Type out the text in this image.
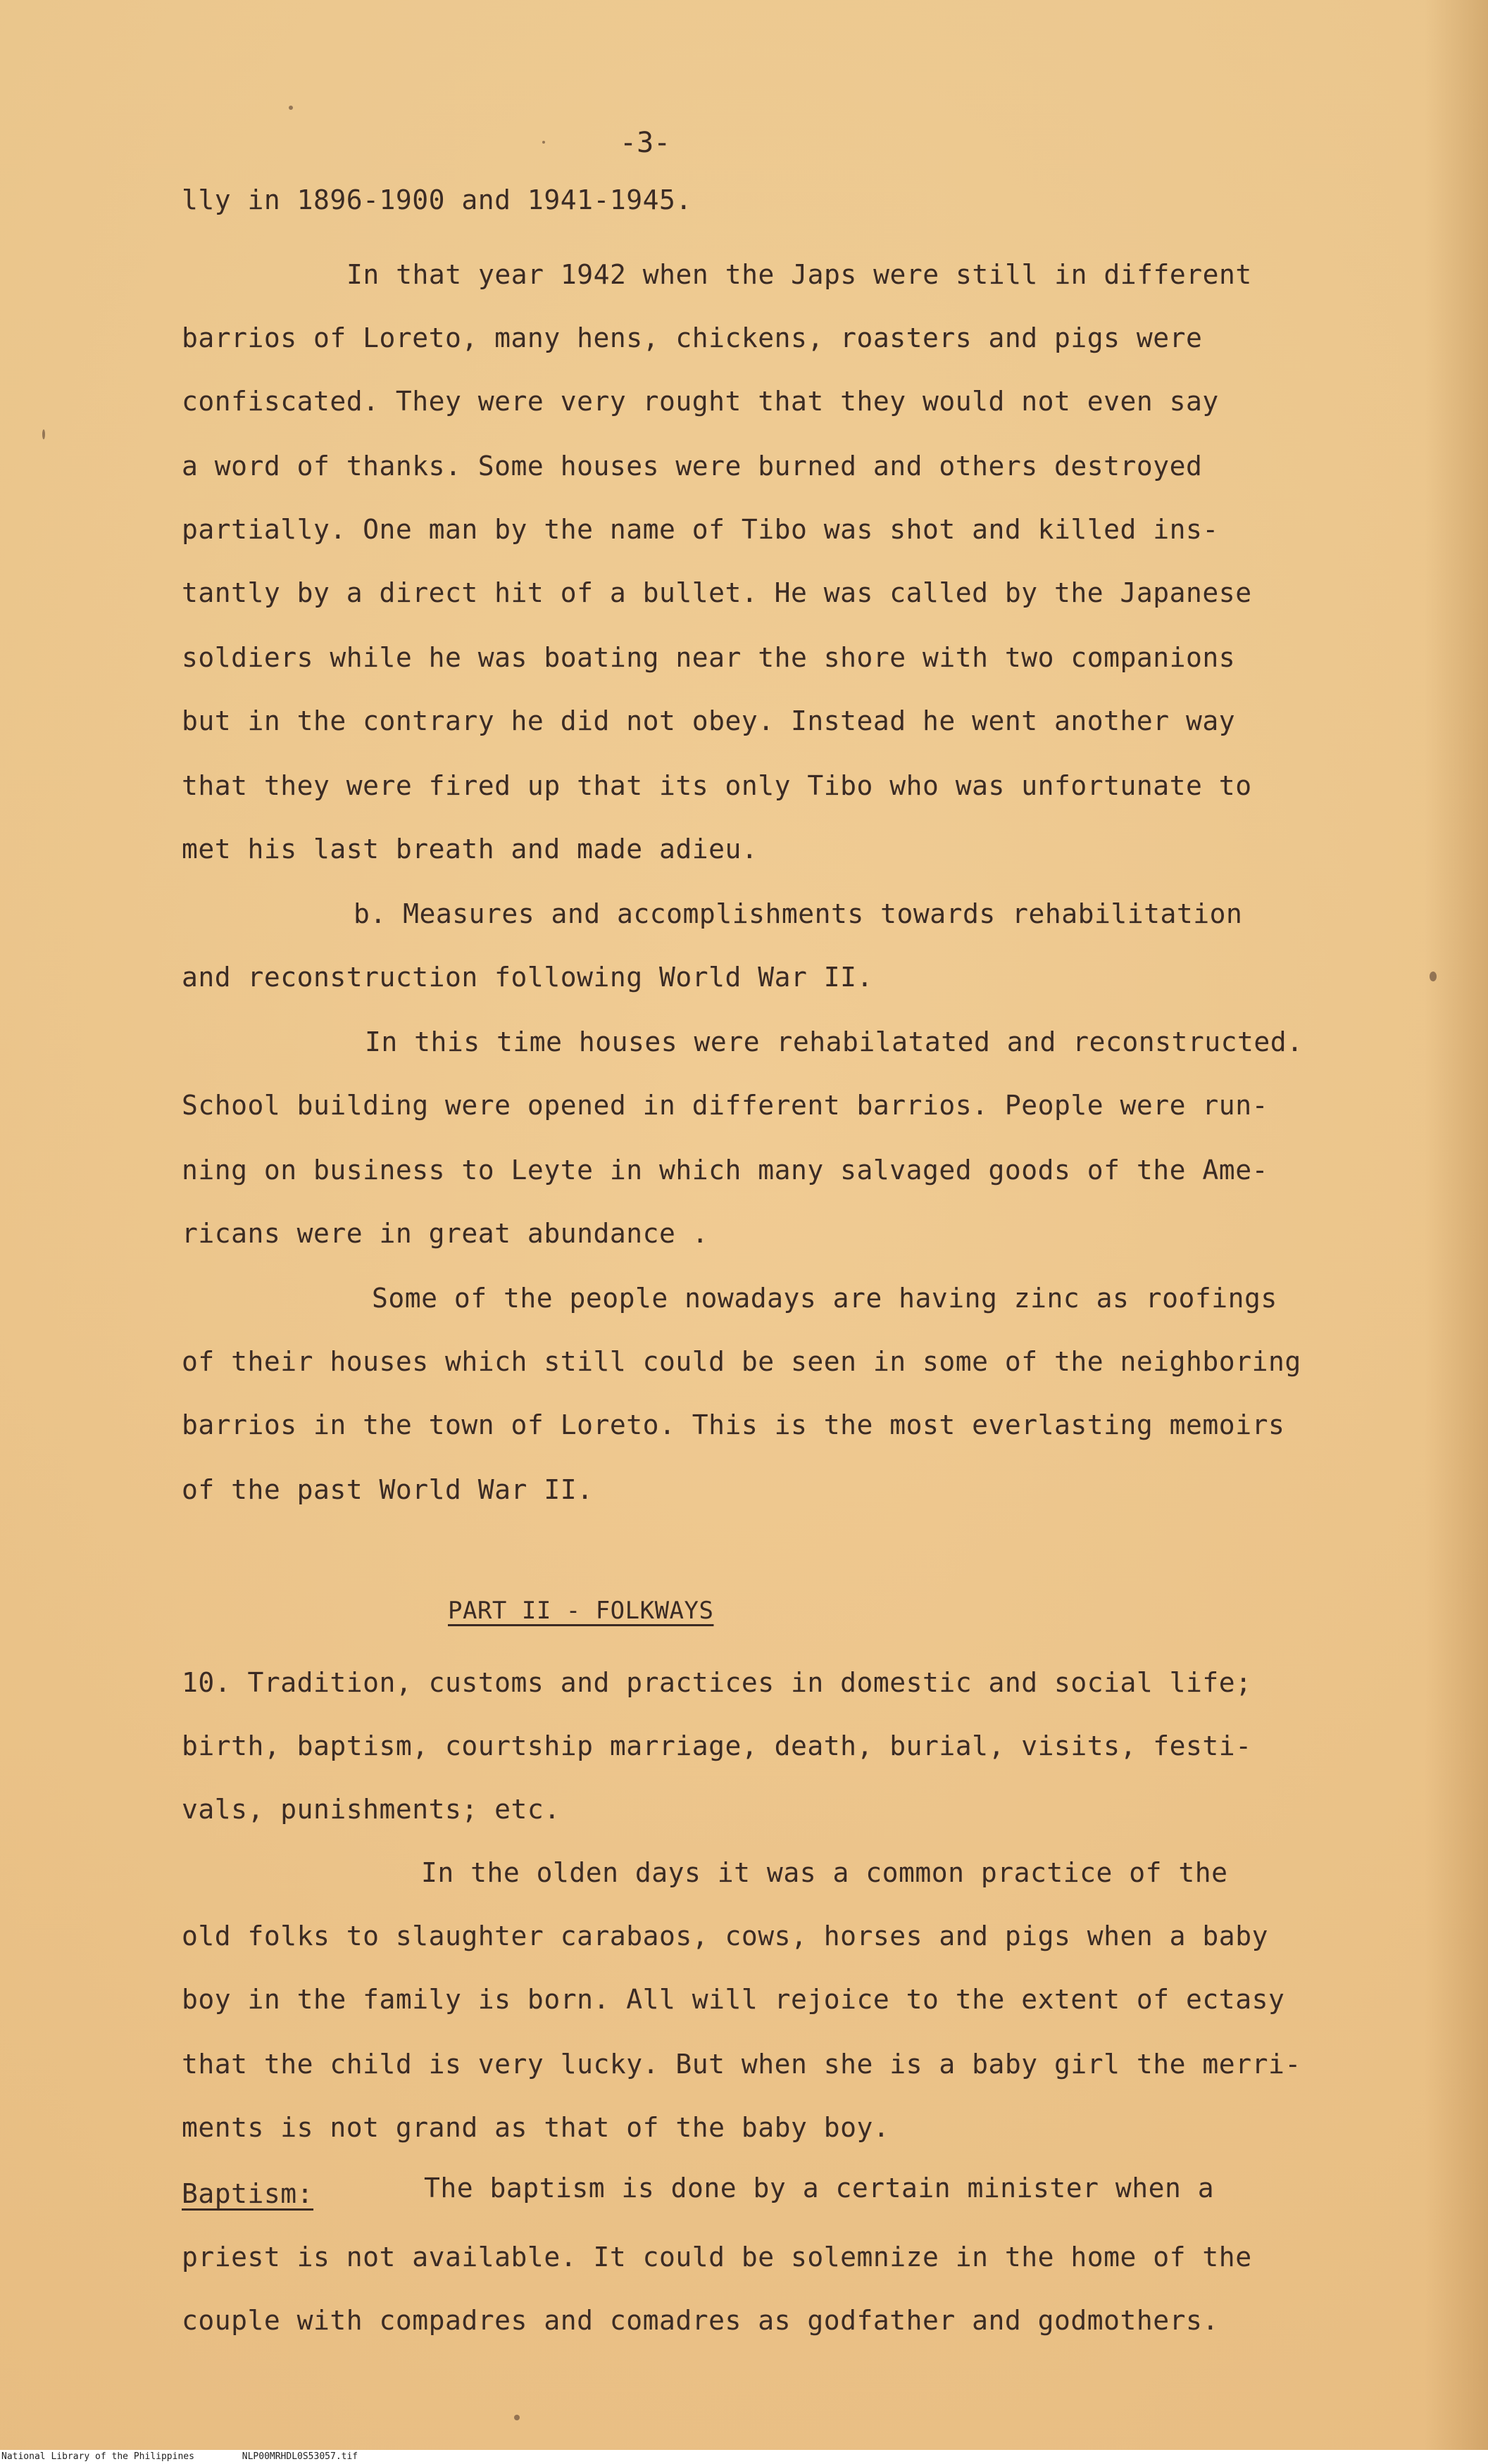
-3-
lly in 1896-1900 and 1941-1945.
In that year 1942 when the Japs were still in different
barrios of Loreto, many hens, chickens, roasters and pigs were
confiscated. They were very rought that they would not even say
a word of thanks. Some houses were burned and others destroyed
partially. One man by the name of Tibo was shot and killed ins-
tantly by a direct hit of a bullet. He was called by the Japanese
soldiers while he was boating near the shore with two companions
but in the contrary he did not obey. Instead he went another way
that they were fired up that its only Tibo who was unfortunate to
met his last breath and made adieu.
b. Measures and accomplishments towards rehabilitation
and reconstruction following World War II.
In this time houses were rehabilatated and reconstructed.
School building were opened in different barrios. People were run-
ning on business to Leyte in which many salvaged goods of the Ame-
ricans were in great abundance .
Some of the people nowadays are having zinc as roofings
of their houses which still could be seen in some of the neighboring
barrios in the town of Loreto. This is the most everlasting memoirs
of the past World War II.
PART II - FOLKWAYS
10. Tradition, customs and practices in domestic and social life;
birth, baptism, courtship marriage, death, burial, visits, festi-
vals, punishments; etc.
In the olden days it was a common practice of the
old folks to slaughter carabaos, cows, horses and pigs when a baby
boy in the family is born. All will rejoice to the extent of ectasy
that the child is very lucky. But when she is a baby girl the merri-
ments is not grand as that of the baby boy.
Baptism:	The baptism is done by a certain minister when a
priest is not available. It could be solemnize in the home of the
couple with compadres and comadres as godfather and godmothers.
National Library of the Philippines	NLP00MRHDL0S53057.tif
